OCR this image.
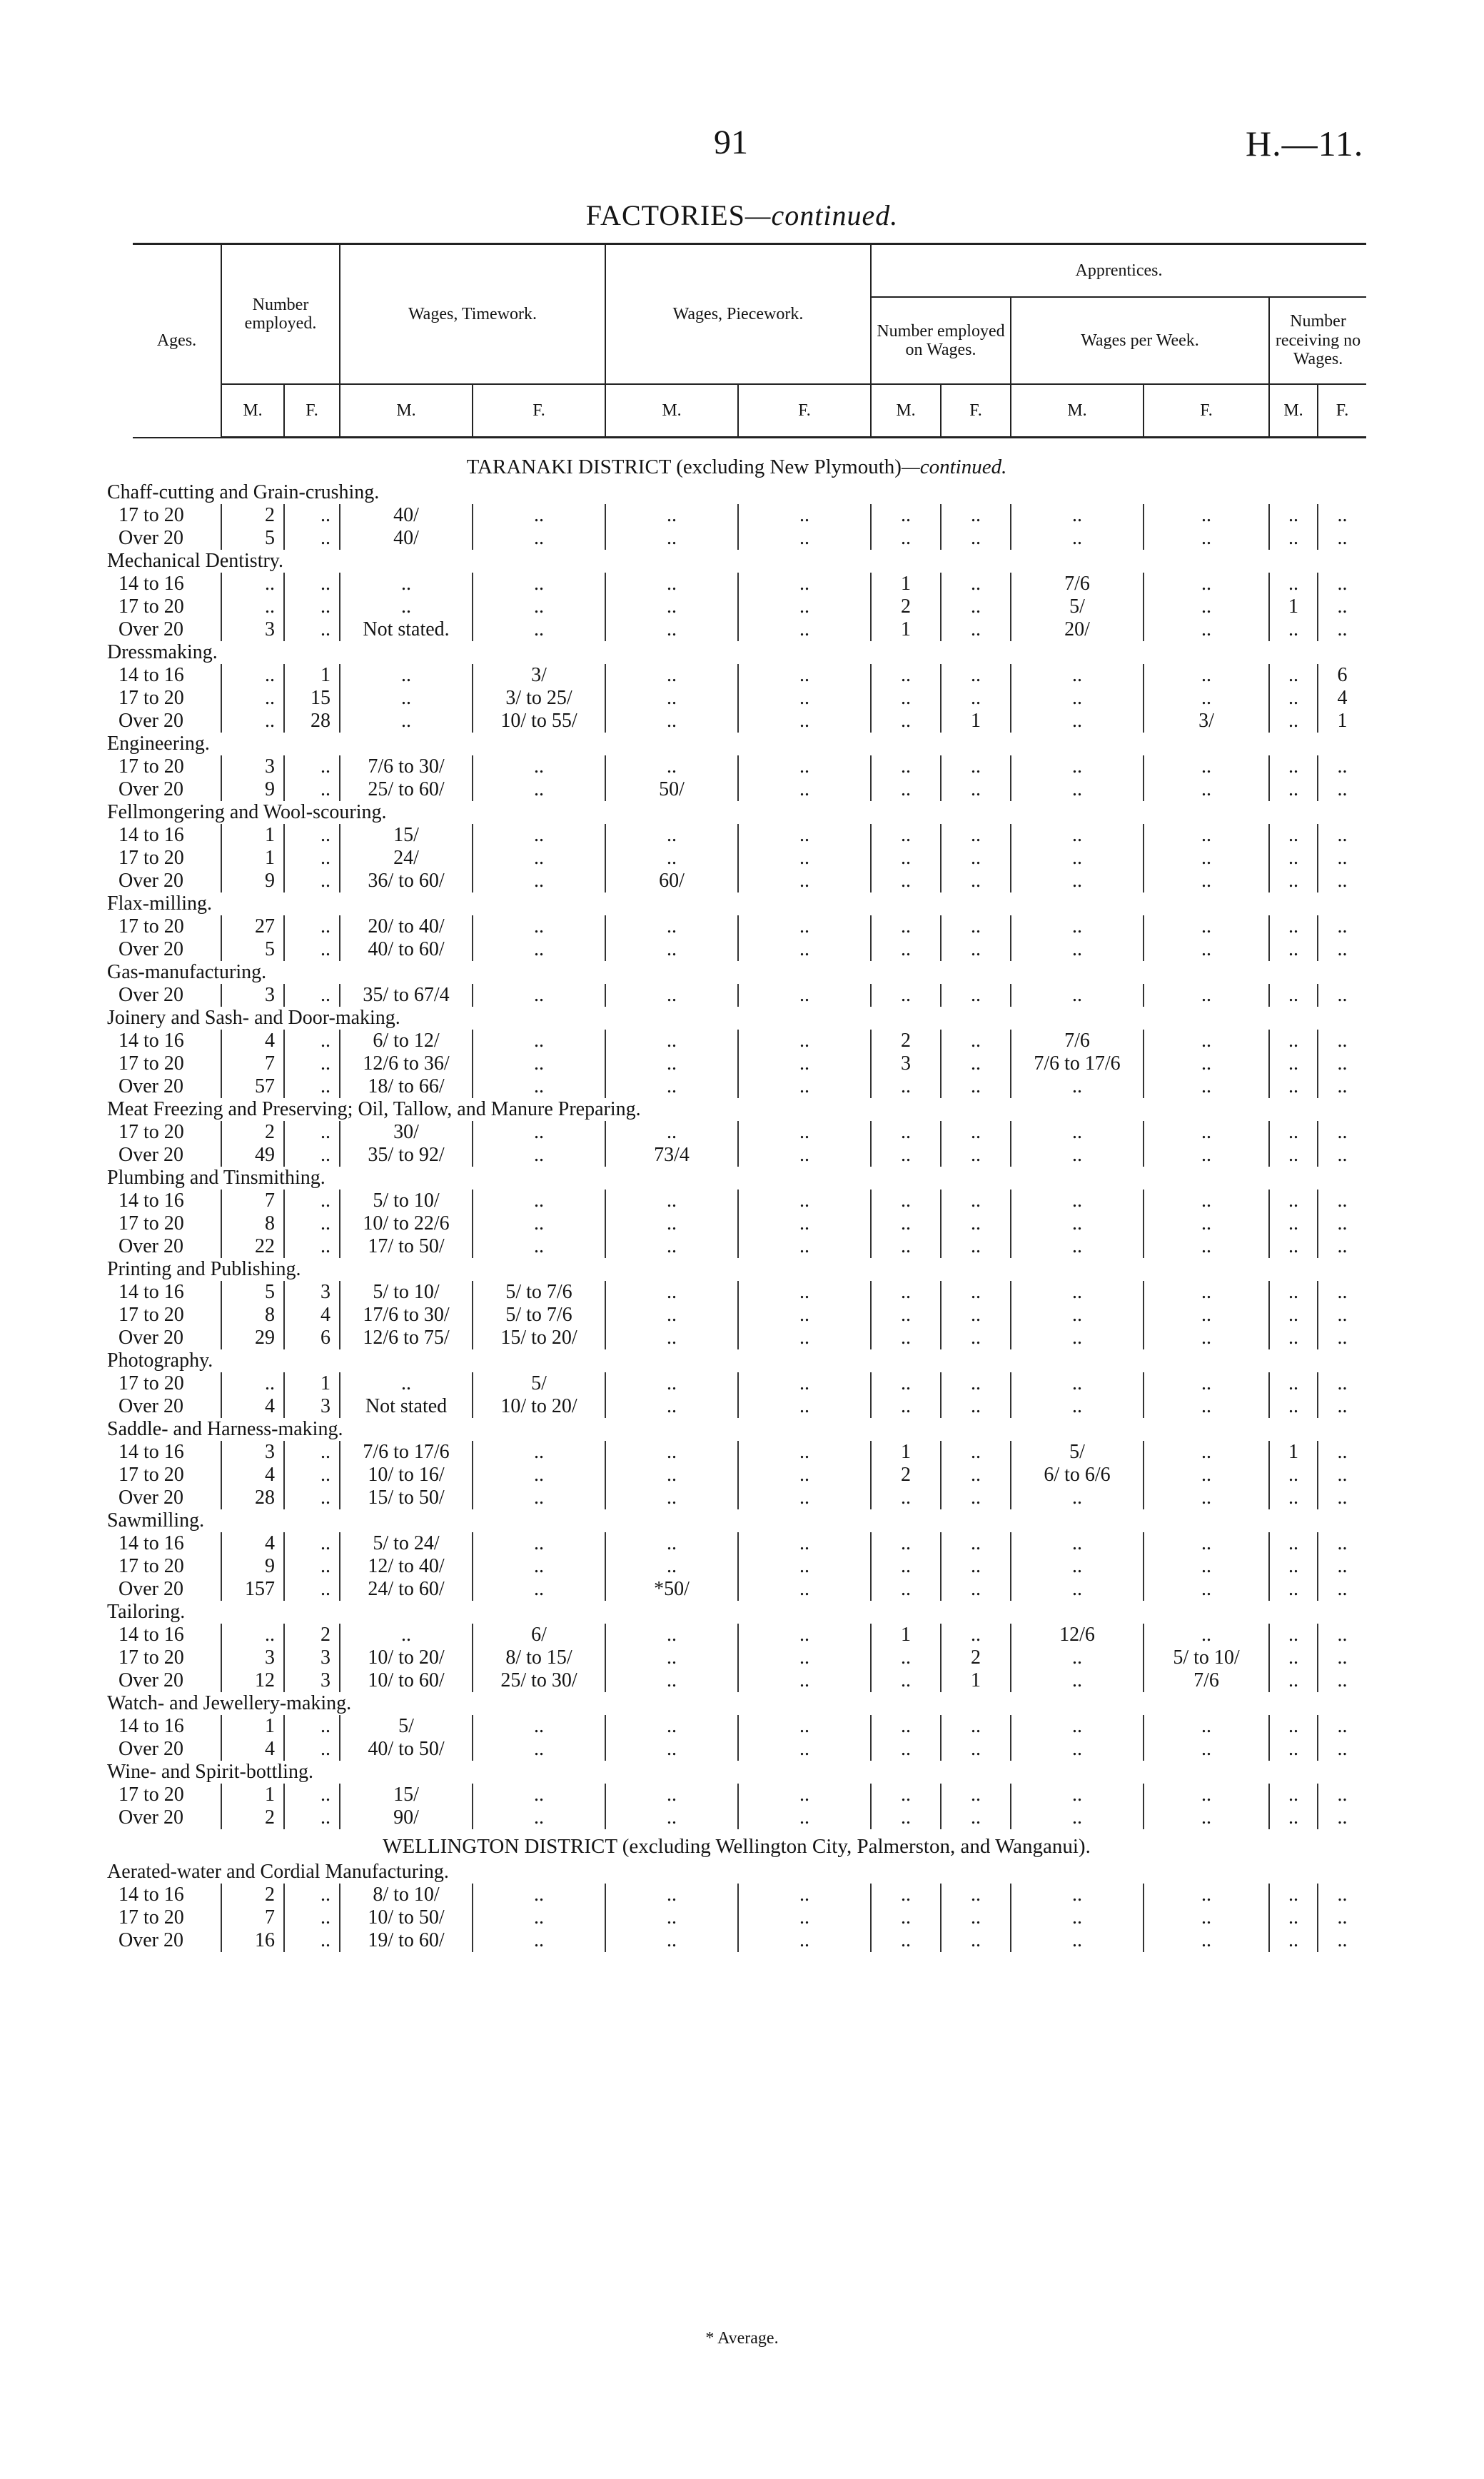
91	H.—11.
FACTORIES—continued.
Ages.	Number employed.		Wages, Timework.		Wages, Piecework.		Apprentices.					
							Number employed on Wages.		Wages per Week.		Number receiving no Wages.	
	M.	F.	M.	F.	M.	F.	M.	F.	M.	F.	M.	F.
TARANAKI DISTRICT (excluding New Plymouth)—continued.												
Chaff-cutting and Grain-crushing.												
17 to 20	2	..	40/	..	..	..	..	..	..	..	..	..
Over 20	5	..	40/	..	..	..	..	..	..	..	..	..
Mechanical Dentistry.												
14 to 16	..	..	..	..	..	..	1	..	7/6	..	..	..
17 to 20	..	..	..	..	..	..	2	..	5/	..	1	..
Over 20	3	..	Not stated.	..	..	..	1	..	20/	..	..	..
Dressmaking.												
14 to 16	..	1	..	3/	..	..	..	..	..	..	..	6
17 to 20	..	15	..	3/ to 25/	..	..	..	..	..	..	..	4
Over 20	..	28	..	10/ to 55/	..	..	..	1	..	3/	..	1
Engineering.												
17 to 20	3	..	7/6 to 30/	..	..	..	..	..	..	..	..	..
Over 20	9	..	25/ to 60/	..	50/	..	..	..	..	..	..	..
Fellmongering and Wool-scouring.												
14 to 16	1	..	15/	..	..	..	..	..	..	..	..	..
17 to 20	1	..	24/	..	..	..	..	..	..	..	..	..
Over 20	9	..	36/ to 60/	..	60/	..	..	..	..	..	..	..
Flax-milling.												
17 to 20	27	..	20/ to 40/	..	..	..	..	..	..	..	..	..
Over 20	5	..	40/ to 60/	..	..	..	..	..	..	..	..	..
Gas-manufacturing.												
Over 20	3	..	35/ to 67/4	..	..	..	..	..	..	..	..	..
Joinery and Sash- and Door-making.												
14 to 16	4	..	6/ to 12/	..	..	..	2	..	7/6	..	..	..
17 to 20	7	..	12/6 to 36/	..	..	..	3	..	7/6 to 17/6	..	..	..
Over 20	57	..	18/ to 66/	..	..	..	..	..	..	..	..	..
Meat Freezing and Preserving; Oil, Tallow, and Manure Preparing.												
17 to 20	2	..	30/	..	..	..	..	..	..	..	..	..
Over 20	49	..	35/ to 92/	..	73/4	..	..	..	..	..	..	..
Plumbing and Tinsmithing.												
14 to 16	7	..	5/ to 10/	..	..	..	..	..	..	..	..	..
17 to 20	8	..	10/ to 22/6	..	..	..	..	..	..	..	..	..
Over 20	22	..	17/ to 50/	..	..	..	..	..	..	..	..	..
Printing and Publishing.												
14 to 16	5	3	5/ to 10/	5/ to 7/6	..	..	..	..	..	..	..	..
17 to 20	8	4	17/6 to 30/	5/ to 7/6	..	..	..	..	..	..	..	..
Over 20	29	6	12/6 to 75/	15/ to 20/	..	..	..	..	..	..	..	..
Photography.												
17 to 20	..	1	..	5/	..	..	..	..	..	..	..	..
Over 20	4	3	Not stated	10/ to 20/	..	..	..	..	..	..	..	..
Saddle- and Harness-making.												
14 to 16	3	..	7/6 to 17/6	..	..	..	1	..	5/	..	1	..
17 to 20	4	..	10/ to 16/	..	..	..	2	..	6/ to 6/6	..	..	..
Over 20	28	..	15/ to 50/	..	..	..	..	..	..	..	..	..
Sawmilling.												
14 to 16	4	..	5/ to 24/	..	..	..	..	..	..	..	..	..
17 to 20	9	..	12/ to 40/	..	..	..	..	..	..	..	..	..
Over 20	157	..	24/ to 60/	..	*50/	..	..	..	..	..	..	..
Tailoring.												
14 to 16	..	2	..	6/	..	..	1	..	12/6	..	..	..
17 to 20	3	3	10/ to 20/	8/ to 15/	..	..	..	2	..	5/ to 10/	..	..
Over 20	12	3	10/ to 60/	25/ to 30/	..	..	..	1	..	7/6	..	..
Watch- and Jewellery-making.												
14 to 16	1	..	5/	..	..	..	..	..	..	..	..	..
Over 20	4	..	40/ to 50/	..	..	..	..	..	..	..	..	..
Wine- and Spirit-bottling.												
17 to 20	1	..	15/	..	..	..	..	..	..	..	..	..
Over 20	2	..	90/	..	..	..	..	..	..	..	..	..
WELLINGTON DISTRICT (excluding Wellington City, Palmerston, and Wanganui).												
Aerated-water and Cordial Manufacturing.												
14 to 16	2	..	8/ to 10/	..	..	..	..	..	..	..	..	..
17 to 20	7	..	10/ to 50/	..	..	..	..	..	..	..	..	..
Over 20	16	..	19/ to 60/	..	..	..	..	..	..	..	..	..
* Average.
